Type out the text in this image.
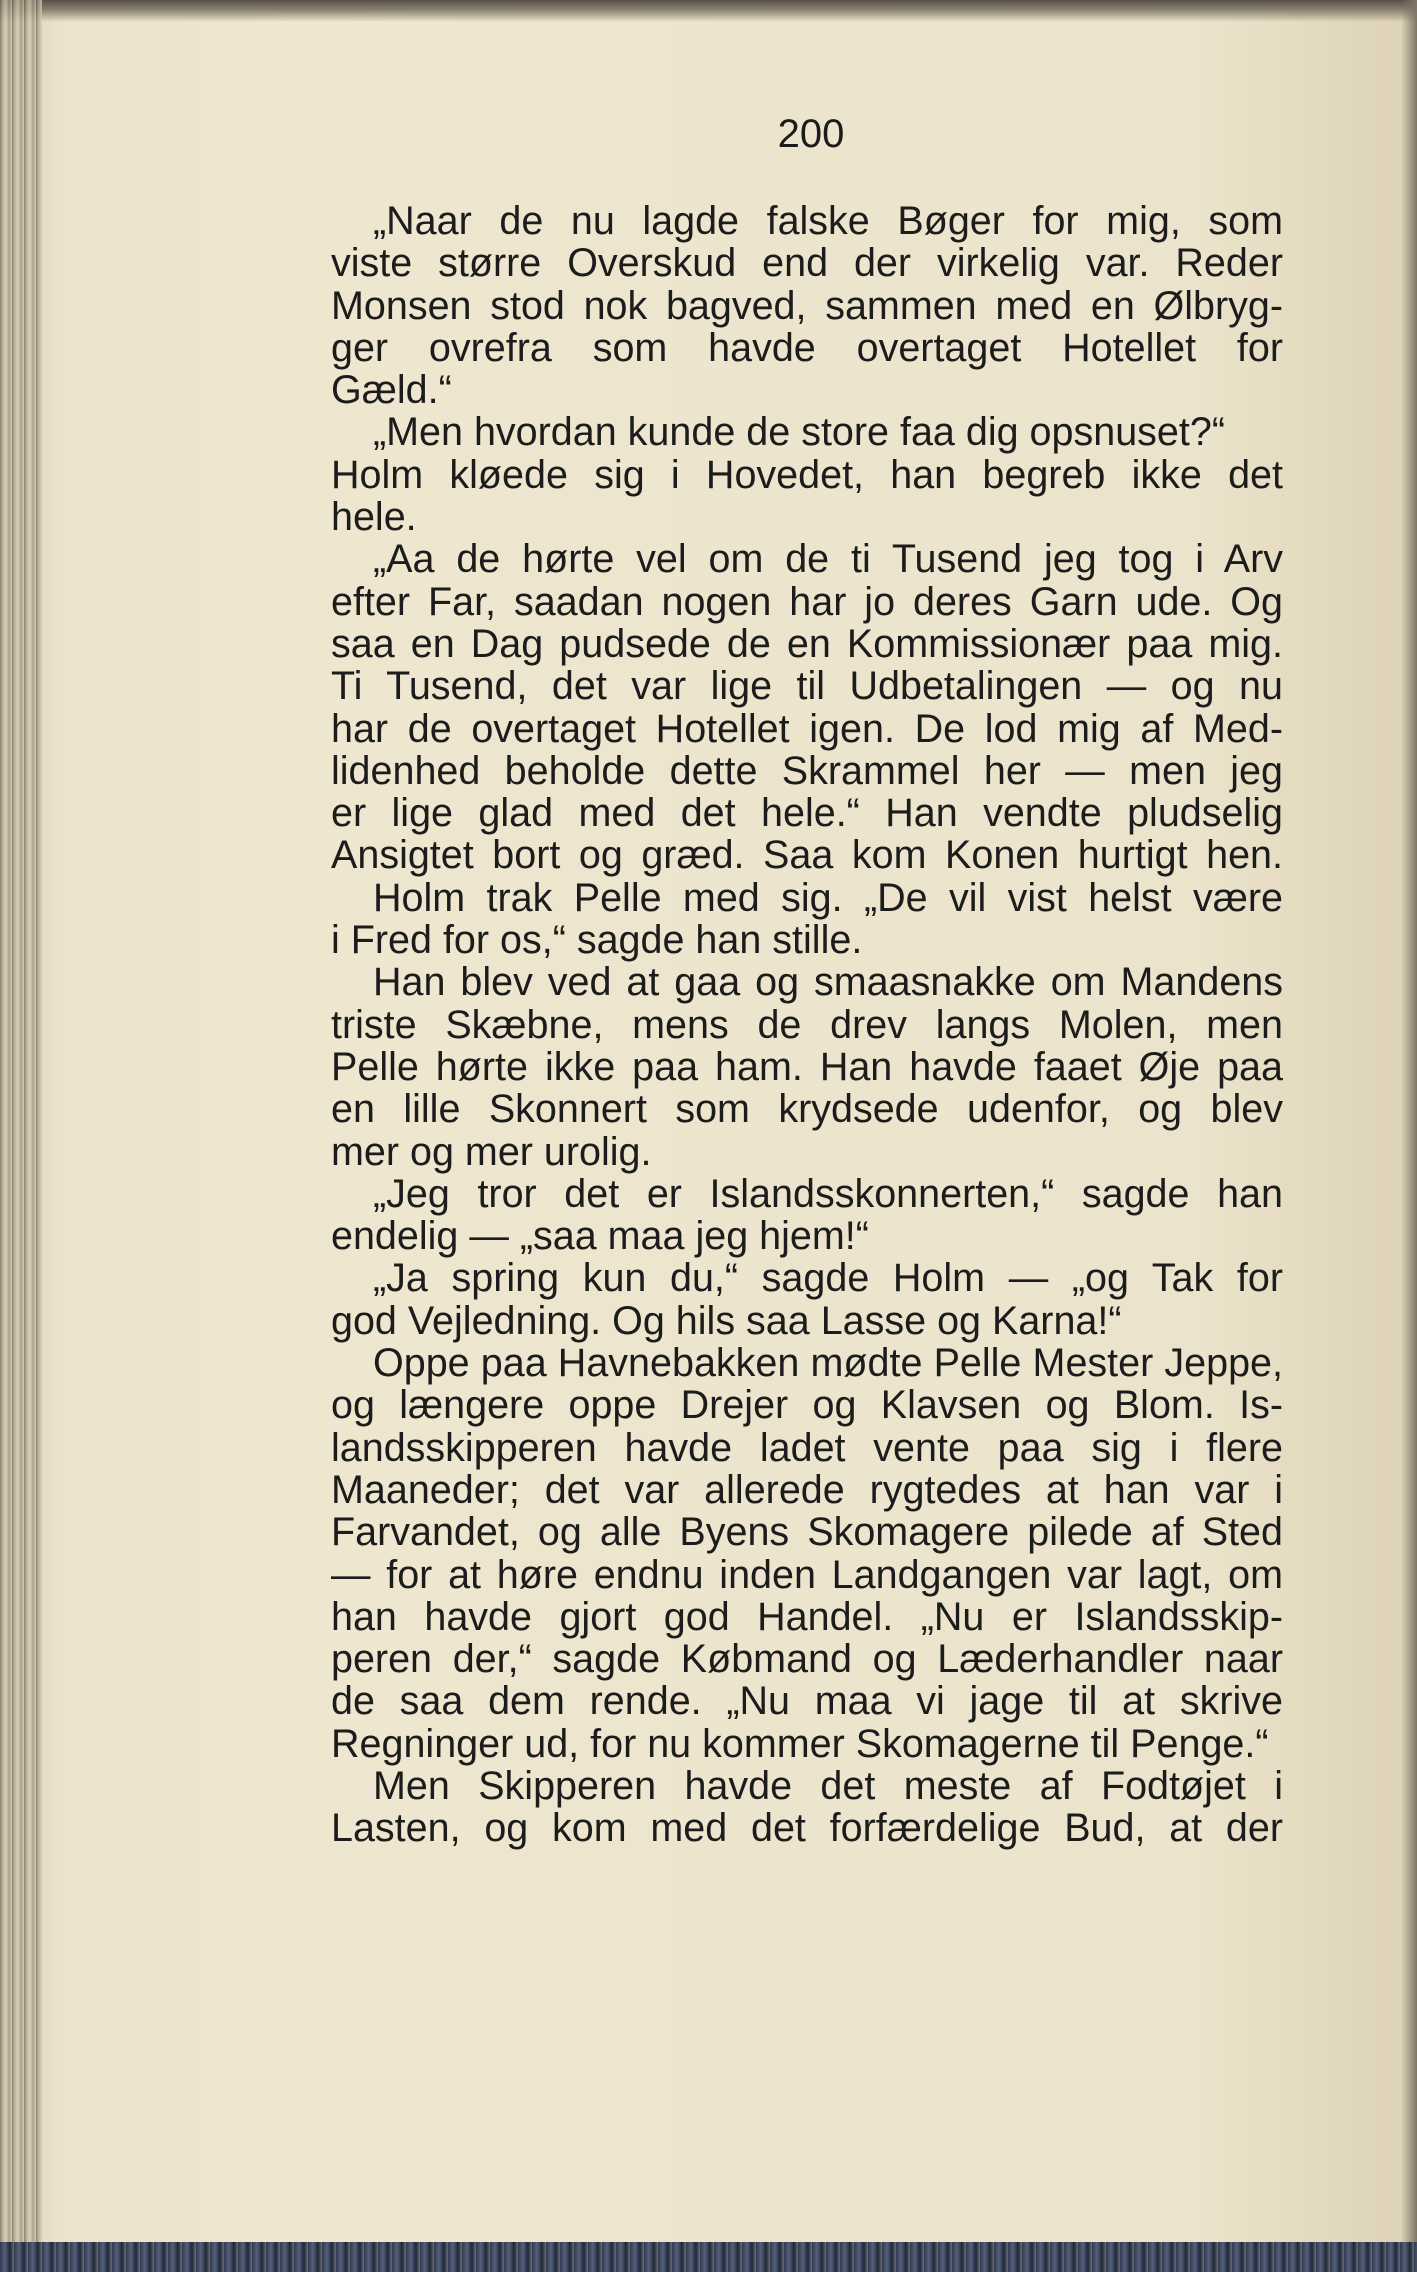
200
„Naar de nu lagde falske Bøger for mig, som
viste større Overskud end der virkelig var. Reder
Monsen stod nok bagved, sammen med en Ølbryg-
ger ovrefra som havde overtaget Hotellet for
Gæld.“
„Men hvordan kunde de store faa dig opsnuset?“
Holm kløede sig i Hovedet, han begreb ikke det
hele.
„Aa de hørte vel om de ti Tusend jeg tog i Arv
efter Far, saadan nogen har jo deres Garn ude. Og
saa en Dag pudsede de en Kommissionær paa mig.
Ti Tusend, det var lige til Udbetalingen — og nu
har de overtaget Hotellet igen. De lod mig af Med-
lidenhed beholde dette Skrammel her — men jeg
er lige glad med det hele.“ Han vendte pludselig
Ansigtet bort og græd. Saa kom Konen hurtigt hen.
Holm trak Pelle med sig. „De vil vist helst være
i Fred for os,“ sagde han stille.
Han blev ved at gaa og smaasnakke om Mandens
triste Skæbne, mens de drev langs Molen, men
Pelle hørte ikke paa ham. Han havde faaet Øje paa
en lille Skonnert som krydsede udenfor, og blev
mer og mer urolig.
„Jeg tror det er Islandsskonnerten,“ sagde han
endelig — „saa maa jeg hjem!“
„Ja spring kun du,“ sagde Holm — „og Tak for
god Vejledning. Og hils saa Lasse og Karna!“
Oppe paa Havnebakken mødte Pelle Mester Jeppe,
og længere oppe Drejer og Klavsen og Blom. Is-
landsskipperen havde ladet vente paa sig i flere
Maaneder; det var allerede rygtedes at han var i
Farvandet, og alle Byens Skomagere pilede af Sted
— for at høre endnu inden Landgangen var lagt, om
han havde gjort god Handel. „Nu er Islandsskip-
peren der,“ sagde Købmand og Læderhandler naar
de saa dem rende. „Nu maa vi jage til at skrive
Regninger ud, for nu kommer Skomagerne til Penge.“
Men Skipperen havde det meste af Fodtøjet i
Lasten, og kom med det forfærdelige Bud, at der
